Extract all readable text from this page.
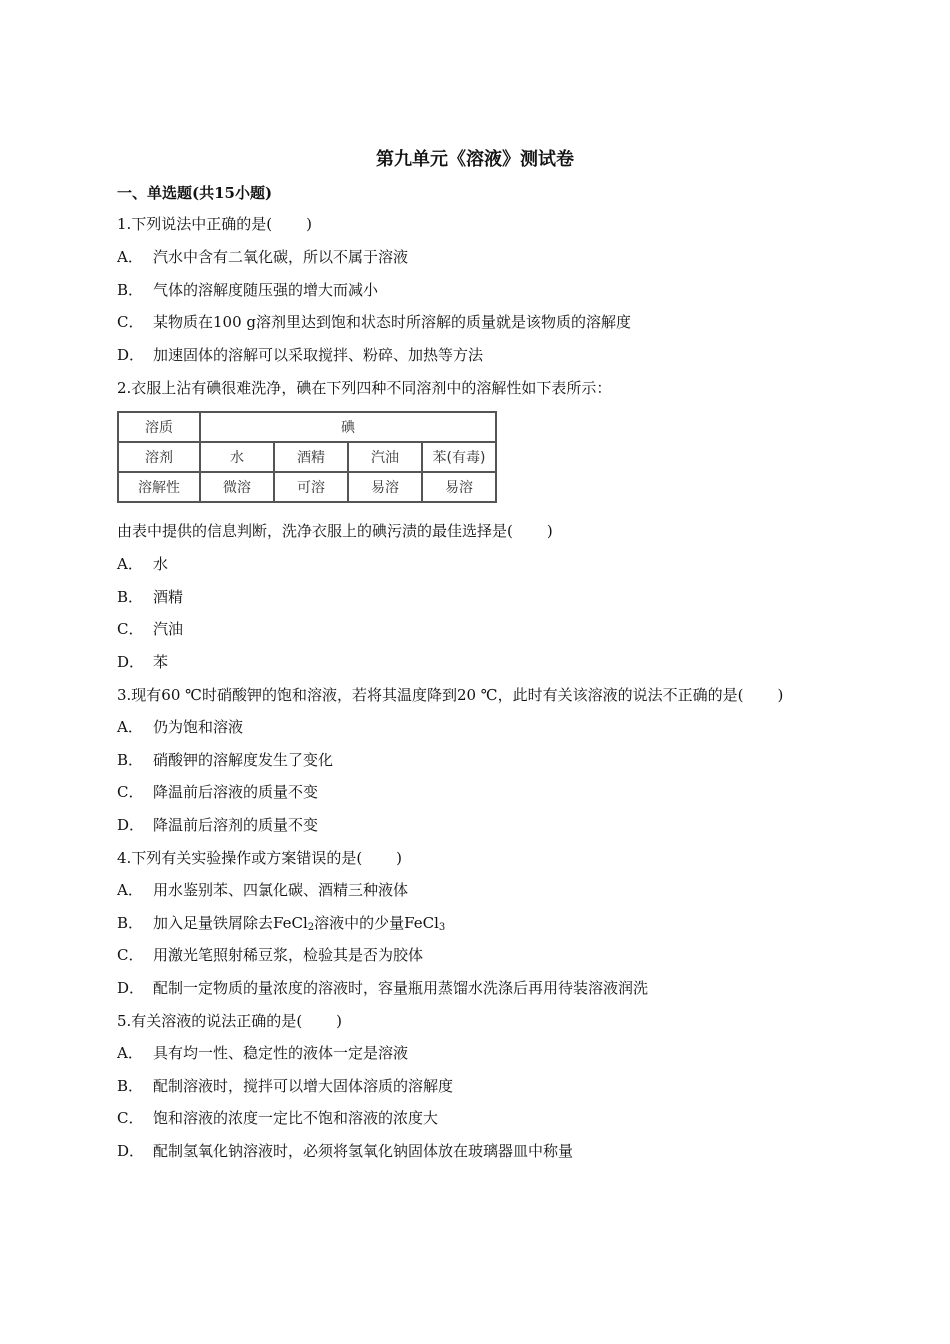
第九单元《溶液》测试卷
一、单选题(共15小题)
1.下列说法中正确的是( )
A． 汽水中含有二氧化碳，所以不属于溶液
B． 气体的溶解度随压强的增大而减小
C． 某物质在100 g溶剂里达到饱和状态时所溶解的质量就是该物质的溶解度
D． 加速固体的溶解可以采取搅拌、粉碎、加热等方法
2.衣服上沾有碘很难洗净，碘在下列四种不同溶剂中的溶解性如下表所示：
溶质	碘			
溶剂	水	酒精	汽油	苯(有毒)
溶解性	微溶	可溶	易溶	易溶
由表中提供的信息判断，洗净衣服上的碘污渍的最佳选择是( )
A． 水
B． 酒精
C． 汽油
D． 苯
3.现有60 ℃时硝酸钾的饱和溶液，若将其温度降到20 ℃，此时有关该溶液的说法不正确的是( )
A． 仍为饱和溶液
B． 硝酸钾的溶解度发生了变化
C． 降温前后溶液的质量不变
D． 降温前后溶剂的质量不变
4.下列有关实验操作或方案错误的是( )
A． 用水鉴别苯、四氯化碳、酒精三种液体
B． 加入足量铁屑除去FeCl$_2$溶液中的少量FeCl$_3$
C． 用激光笔照射稀豆浆，检验其是否为胶体
D． 配制一定物质的量浓度的溶液时，容量瓶用蒸馏水洗涤后再用待装溶液润洗
5.有关溶液的说法正确的是( )
A． 具有均一性、稳定性的液体一定是溶液
B． 配制溶液时，搅拌可以增大固体溶质的溶解度
C． 饱和溶液的浓度一定比不饱和溶液的浓度大
D． 配制氢氧化钠溶液时，必须将氢氧化钠固体放在玻璃器皿中称量
